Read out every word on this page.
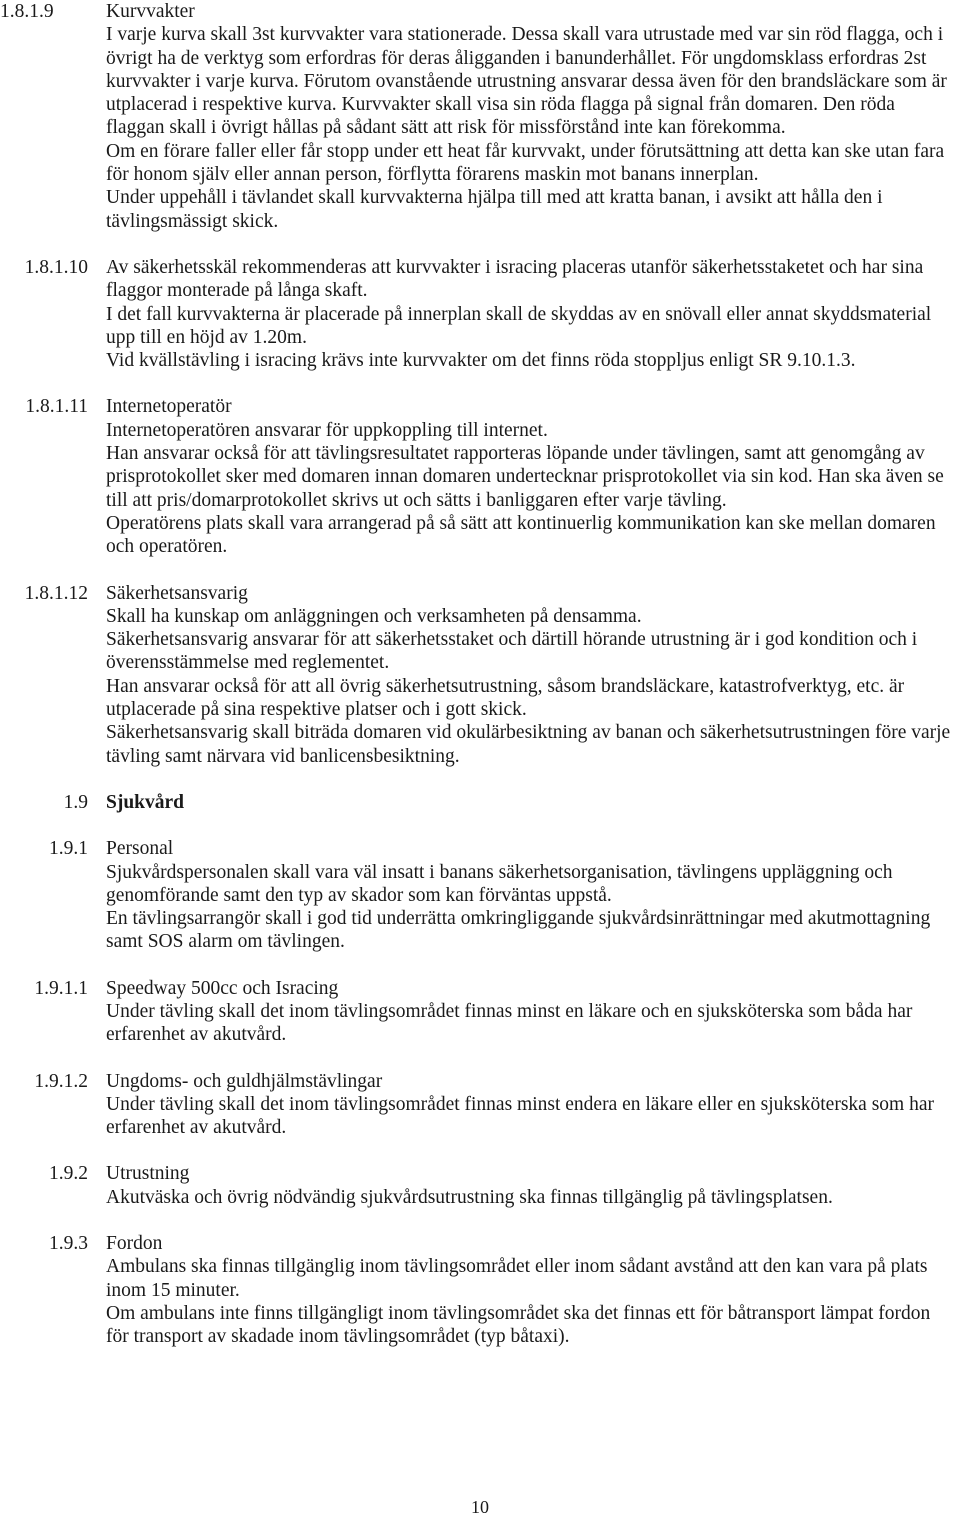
1.8.1.9	Kurvvakter
I varje kurva skall 3st kurvvakter vara stationerade. Dessa skall vara utrustade med var sin röd flagga, och i övrigt ha de verktyg som erfordras för deras åligganden i banunderhållet. För ungdomsklass erfordras 2st kurvvakter i varje kurva. Förutom ovanstående utrustning ansvarar dessa även för den brandsläckare som är utplacerad i respektive kurva. Kurvvakter skall visa sin röda flagga på signal från domaren. Den röda flaggan skall i övrigt hållas på sådant sätt att risk för missförstånd inte kan förekomma.
Om en förare faller eller får stopp under ett heat får kurvvakt, under förutsättning att detta kan ske utan fara för honom själv eller annan person, förflytta förarens maskin mot banans innerplan.
Under uppehåll i tävlandet skall kurvvakterna hjälpa till med att kratta banan, i avsikt att hålla den i tävlingsmässigt skick.
1.8.1.10 Av säkerhetsskäl rekommenderas att kurvvakter i isracing placeras utanför säkerhetsstaketet och har sina flaggor monterade på långa skaft.
I det fall kurvvakterna är placerade på innerplan skall de skyddas av en snövall eller annat skyddsmaterial upp till en höjd av 1.20m.
Vid kvällstävling i isracing krävs inte kurvvakter om det finns röda stoppljus enligt SR 9.10.1.3.
1.8.1.11 Internetoperatör
Internetoperatören ansvarar för uppkoppling till internet.
Han ansvarar också för att tävlingsresultatet rapporteras löpande under tävlingen, samt att genomgång av prisprotokollet sker med domaren innan domaren undertecknar prisprotokollet via sin kod. Han ska även se till att pris/domarprotokollet skrivs ut och sätts i banliggaren efter varje tävling.
Operatörens plats skall vara arrangerad på så sätt att kontinuerlig kommunikation kan ske mellan domaren och operatören.
1.8.1.12 Säkerhetsansvarig
Skall ha kunskap om anläggningen och verksamheten på densamma.
Säkerhetsansvarig ansvarar för att säkerhetsstaket och därtill hörande utrustning är i god kondition och i överensstämmelse med reglementet.
Han ansvarar också för att all övrig säkerhetsutrustning, såsom brandsläckare, katastrofverktyg, etc. är utplacerade på sina respektive platser och i gott skick.
Säkerhetsansvarig skall biträda domaren vid okulärbesiktning av banan och säkerhetsutrustningen före varje tävling samt närvara vid banlicensbesiktning.
1.9 Sjukvård
1.9.1 Personal
Sjukvårdspersonalen skall vara väl insatt i banans säkerhetsorganisation, tävlingens uppläggning och genomförande samt den typ av skador som kan förväntas uppstå.
En tävlingsarrangör skall i god tid underrätta omkringliggande sjukvårdsinrättningar med akutmottagning samt SOS alarm om tävlingen.
1.9.1.1 Speedway 500cc och Isracing
Under tävling skall det inom tävlingsområdet finnas minst en läkare och en sjuksköterska som båda har erfarenhet av akutvård.
1.9.1.2 Ungdoms- och guldhjälmstävlingar
Under tävling skall det inom tävlingsområdet finnas minst endera en läkare eller en sjuksköterska som har erfarenhet av akutvård.
1.9.2 Utrustning
Akutväska och övrig nödvändig sjukvårdsutrustning ska finnas tillgänglig på tävlingsplatsen.
1.9.3 Fordon
Ambulans ska finnas tillgänglig inom tävlingsområdet eller inom sådant avstånd att den kan vara på plats inom 15 minuter.
Om ambulans inte finns tillgängligt inom tävlingsområdet ska det finnas ett för båtransport lämpat fordon för transport av skadade inom tävlingsområdet (typ båtaxi).
10
